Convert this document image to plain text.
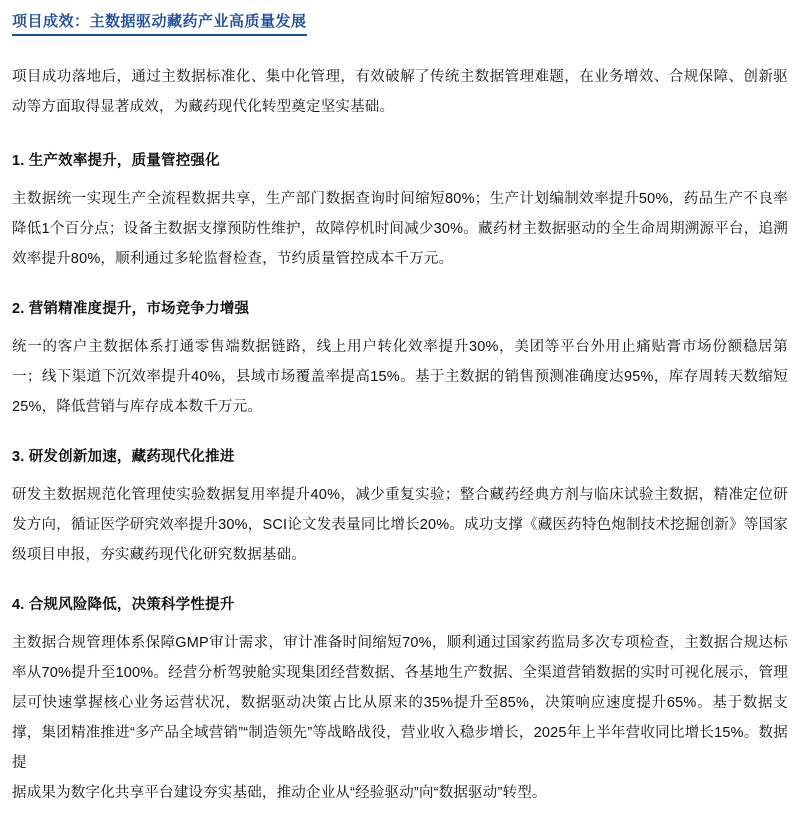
项目成效：主数据驱动藏药产业高质量发展

项目成功落地后，通过主数据标准化、集中化管理，有效破解了传统主数据管理难题，在业务增效、合规保障、创新驱动等方面取得显著成效，为藏药现代化转型奠定坚实基础。

1. 生产效率提升，质量管控强化
主数据统一实现生产全流程数据共享，生产部门数据查询时间缩短80%；生产计划编制效率提升50%，药品生产不良率降低1个百分点；设备主数据支撑预防性维护，故障停机时间减少30%。藏药材主数据驱动的全生命周期溯源平台，追溯效率提升80%，顺利通过多轮监督检查，节约质量管控成本千万元。
2. 营销精准度提升，市场竞争力增强
统一的客户主数据体系打通零售端数据链路，线上用户转化效率提升30%，美团等平台外用止痛贴膏市场份额稳居第一；线下渠道下沉效率提升40%，县域市场覆盖率提高15%。基于主数据的销售预测准确度达95%，库存周转天数缩短25%，降低营销与库存成本数千万元。
3. 研发创新加速，藏药现代化推进
研发主数据规范化管理使实验数据复用率提升40%，减少重复实验；整合藏药经典方剂与临床试验主数据，精准定位研发方向，循证医学研究效率提升30%，SCI论文发表量同比增长20%。成功支撑《藏医药特色炮制技术挖掘创新》等国家级项目申报，夯实藏药现代化研究数据基础。
4. 合规风险降低，决策科学性提升
主数据合规管理体系保障GMP审计需求，审计准备时间缩短70%，顺利通过国家药监局多次专项检查，主数据合规达标率从70%提升至100%。经营分析驾驶舱实现集团经营数据、各基地生产数据、全渠道营销数据的实时可视化展示，管理层可快速掌握核心业务运营状况，数据驱动决策占比从原来的35%提升至85%，决策响应速度提升65%。基于数据支撑，集团精准推进“多产品全域营销”“制造领先”等战略战役，营业收入稳步增长，2025年上半年营收同比增长15%。数据提
据成果为数字化共享平台建设夯实基础，推动企业从“经验驱动”向“数据驱动”转型。
